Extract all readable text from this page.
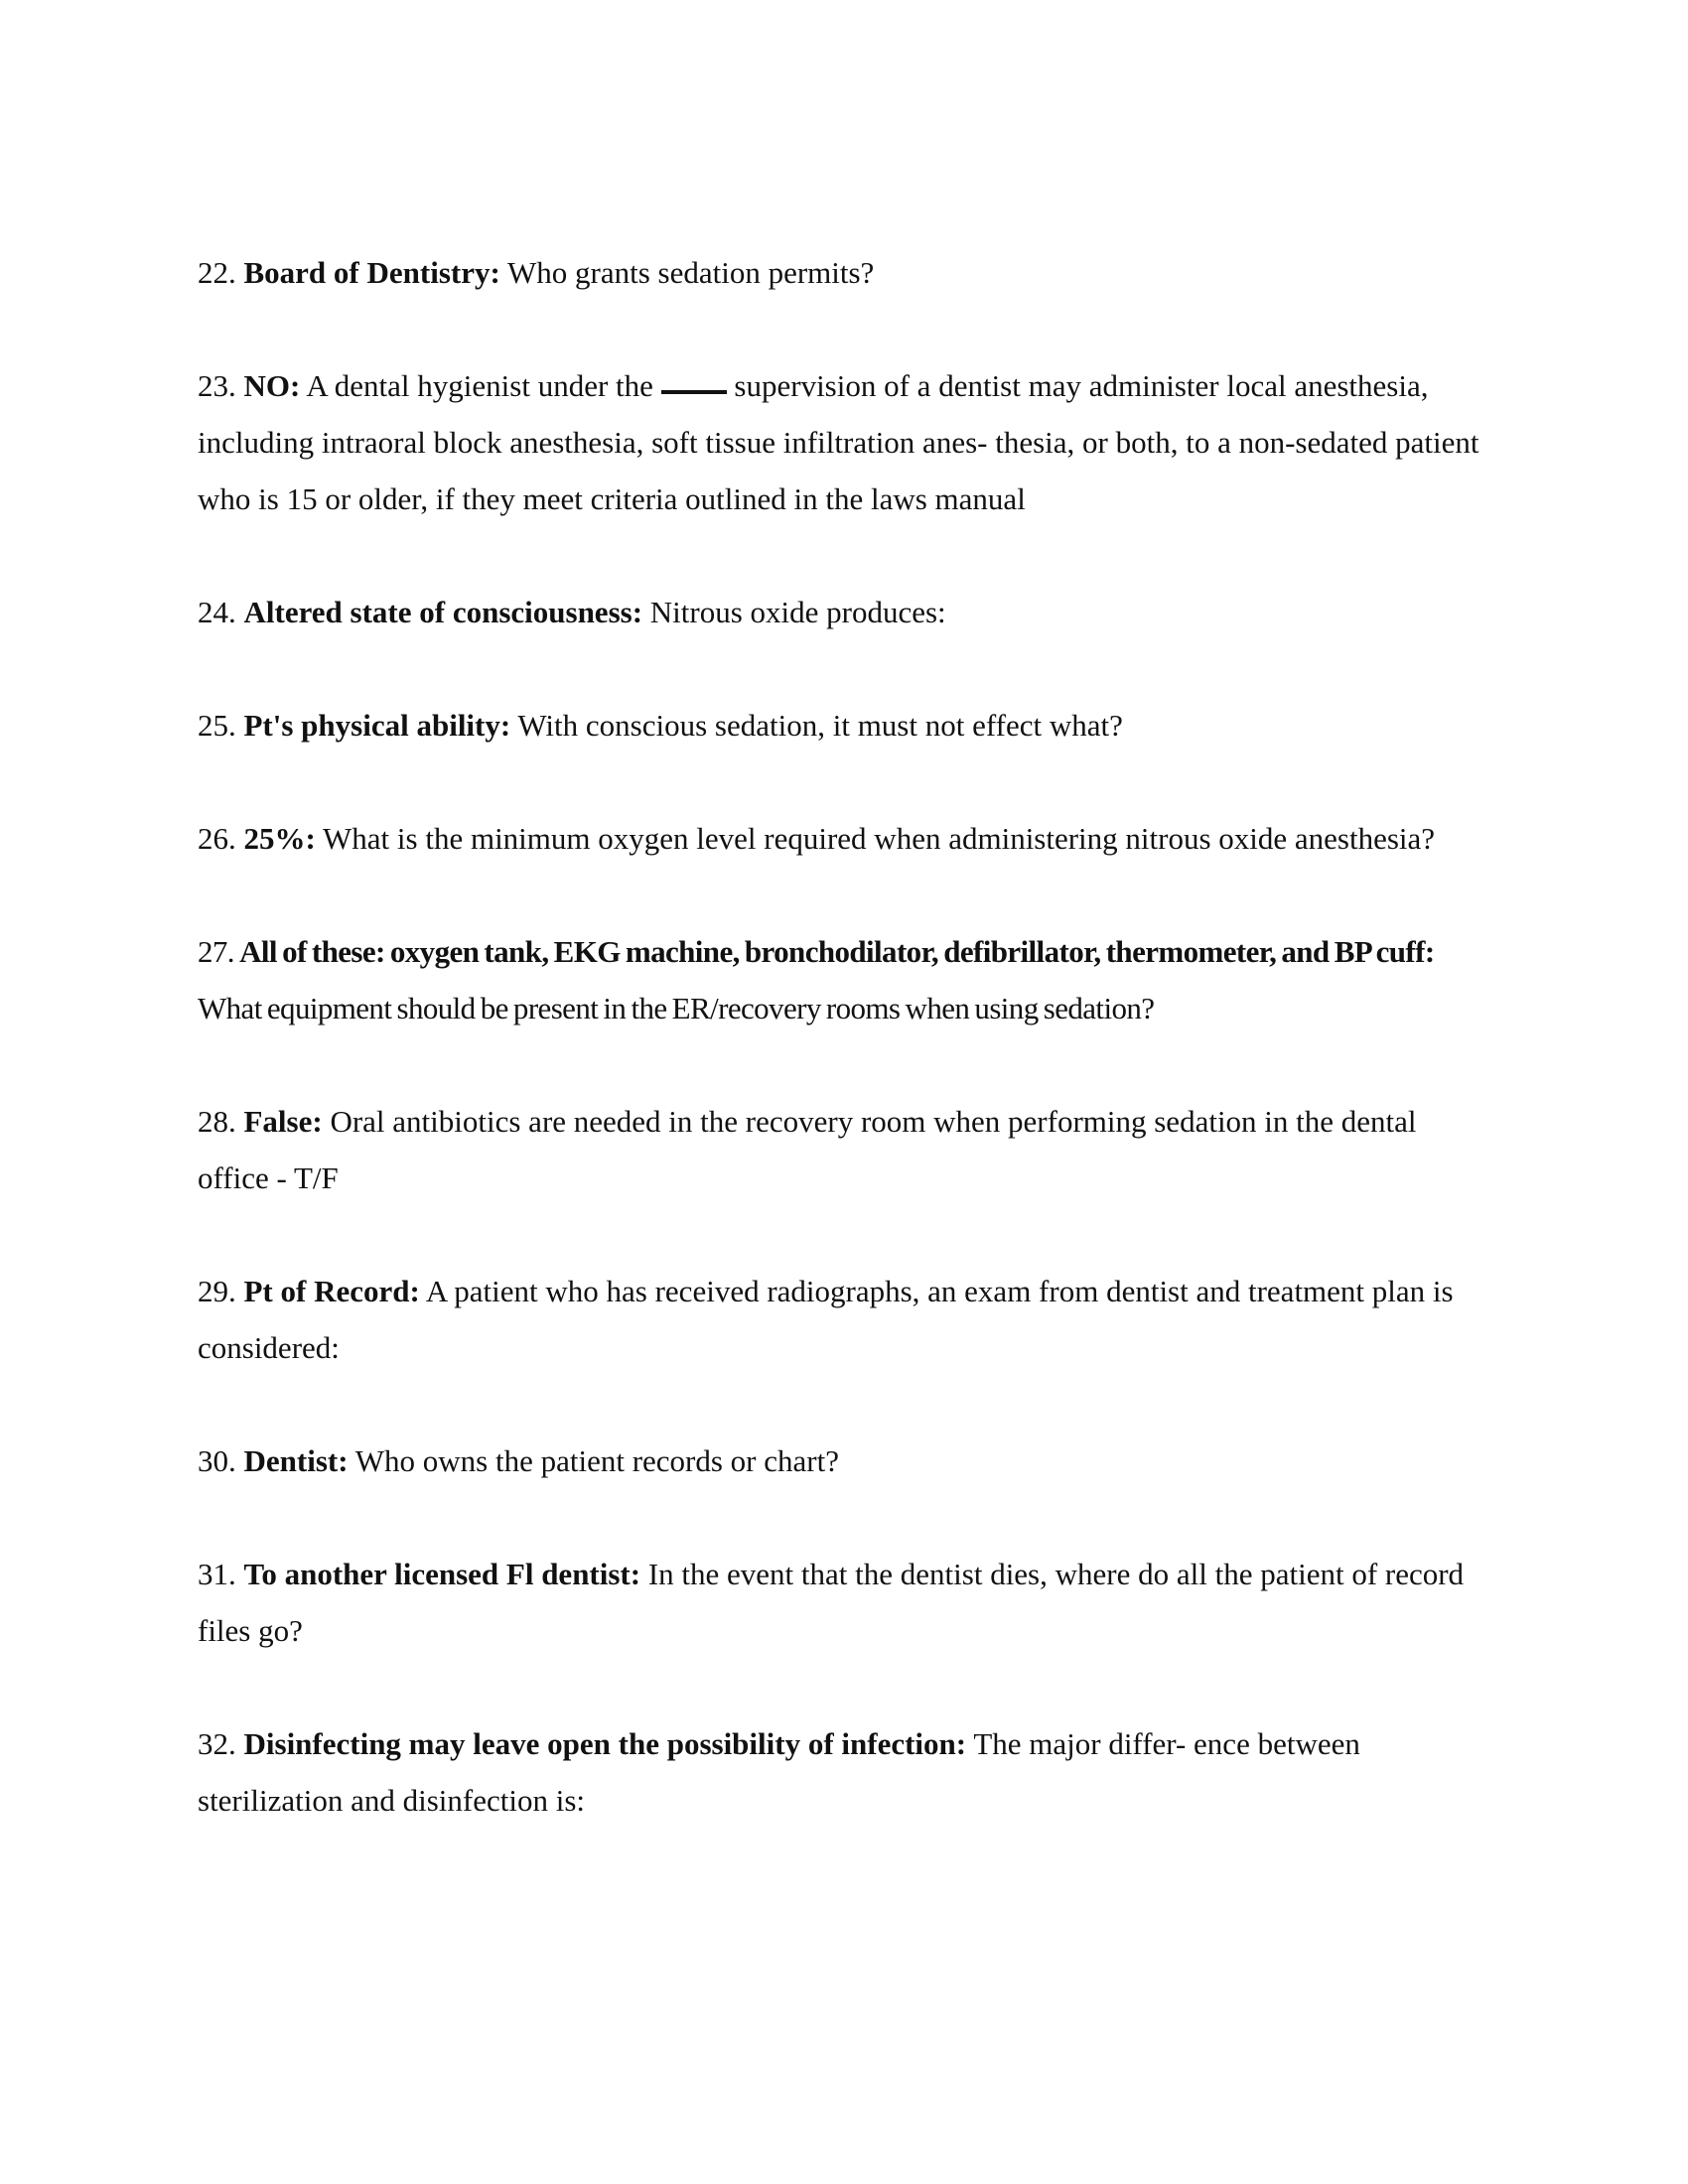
22. Board of Dentistry: Who grants sedation permits?
23. NO: A dental hygienist under the	supervision of a dentist may administer local anesthesia, including intraoral block anesthesia, soft tissue infiltration anes- thesia, or both, to a non-sedated patient who is 15 or older, if they meet criteria outlined in the laws manual
24. Altered state of consciousness: Nitrous oxide produces:
25. Pt's physical ability: With conscious sedation, it must not effect what?
26. 25%: What is the minimum oxygen level required when administering nitrous oxide anesthesia?
27. All of these: oxygen tank, EKG machine, bronchodilator, defibrillator, thermometer, and BP cuff: What equipment should be present in the ER/recovery rooms when using sedation?
28. False: Oral antibiotics are needed in the recovery room when performing sedation in the dental office - T/F
29. Pt of Record: A patient who has received radiographs, an exam from dentist and treatment plan is considered:
30. Dentist: Who owns the patient records or chart?
31. To another licensed Fl dentist: In the event that the dentist dies, where do all the patient of record files go?
32. Disinfecting may leave open the possibility of infection: The major differ- ence between sterilization and disinfection is:
